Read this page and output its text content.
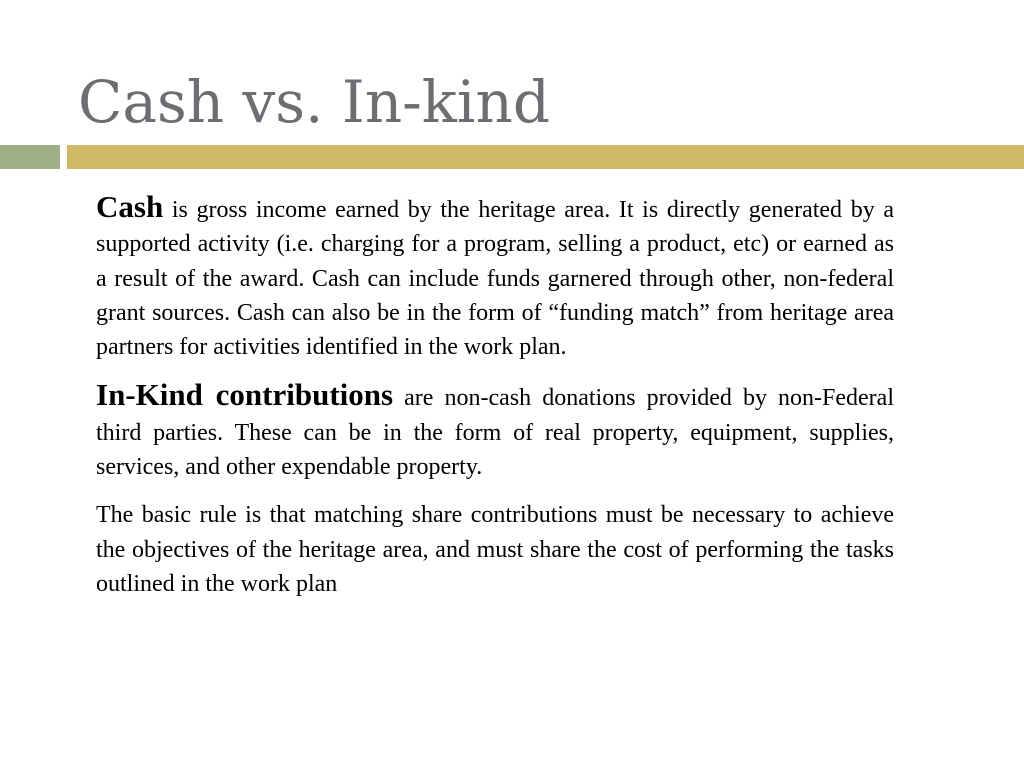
Cash vs. In-kind

Cash is gross income earned by the heritage area. It is directly generated by a supported activity (i.e. charging for a program, selling a product, etc) or earned as a result of the award. Cash can include funds garnered through other, non-federal grant sources. Cash can also be in the form of “funding match” from heritage area partners for activities identified in the work plan.

In-Kind contributions are non-cash donations provided by non-Federal third parties. These can be in the form of real property, equipment, supplies, services, and other expendable property.

The basic rule is that matching share contributions must be necessary to achieve the objectives of the heritage area, and must share the cost of performing the tasks outlined in the work plan
